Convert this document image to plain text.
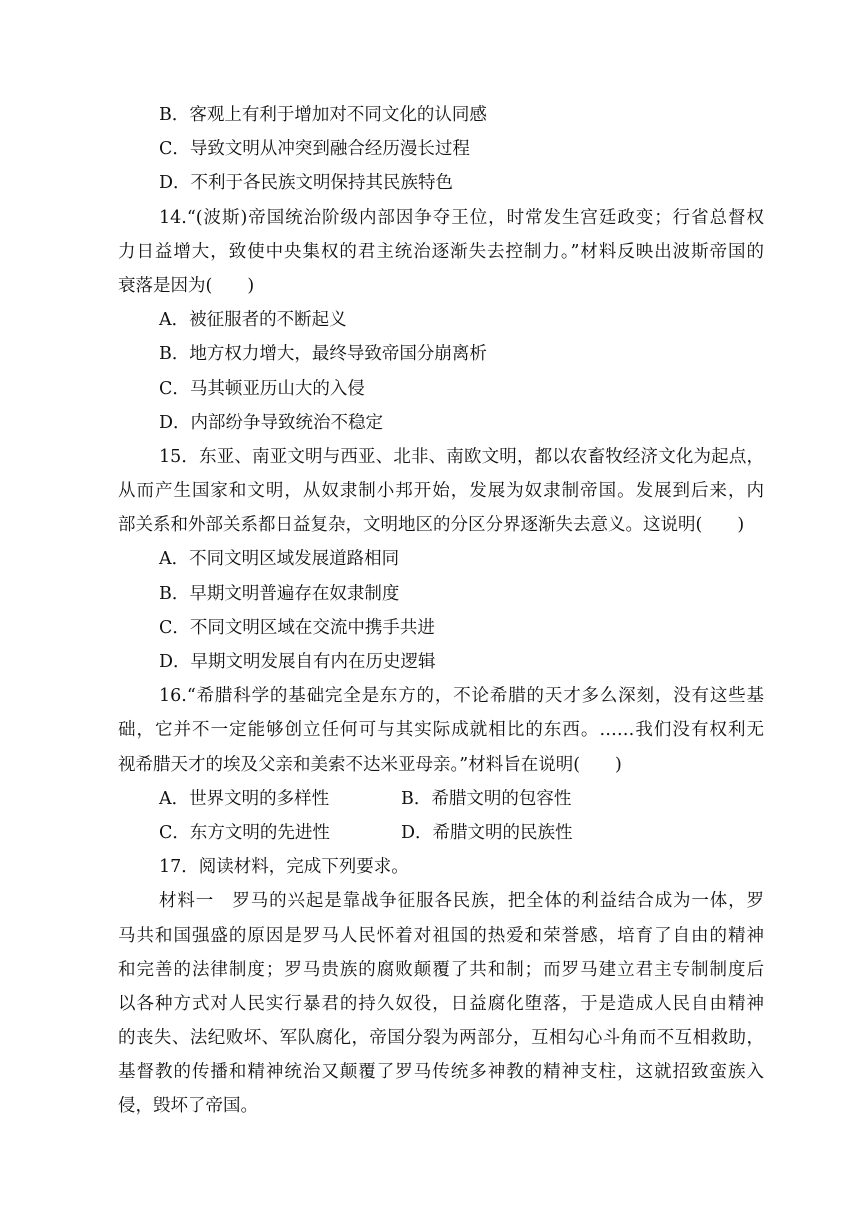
B．客观上有利于增加对不同文化的认同感
C．导致文明从冲突到融合经历漫长过程
D．不利于各民族文明保持其民族特色
14.“(波斯)帝国统治阶级内部因争夺王位，时常发生宫廷政变；行省总督权
力日益增大，致使中央集权的君主统治逐渐失去控制力。”材料反映出波斯帝国的
衰落是因为(　　)
A．被征服者的不断起义
B．地方权力增大，最终导致帝国分崩离析
C．马其顿亚历山大的入侵
D．内部纷争导致统治不稳定
15．东亚、南亚文明与西亚、北非、南欧文明，都以农畜牧经济文化为起点，
从而产生国家和文明，从奴隶制小邦开始，发展为奴隶制帝国。发展到后来，内
部关系和外部关系都日益复杂，文明地区的分区分界逐渐失去意义。这说明(　　)
A．不同文明区域发展道路相同
B．早期文明普遍存在奴隶制度
C．不同文明区域在交流中携手共进
D．早期文明发展自有内在历史逻辑
16.“希腊科学的基础完全是东方的，不论希腊的天才多么深刻，没有这些基
础，它并不一定能够创立任何可与其实际成就相比的东西。……我们没有权利无
视希腊天才的埃及父亲和美索不达米亚母亲。”材料旨在说明(　　)
A．世界文明的多样性	B．希腊文明的包容性
C．东方文明的先进性	D．希腊文明的民族性
17．阅读材料，完成下列要求。
材料一　罗马的兴起是靠战争征服各民族，把全体的利益结合成为一体，罗
马共和国强盛的原因是罗马人民怀着对祖国的热爱和荣誉感，培育了自由的精神
和完善的法律制度；罗马贵族的腐败颠覆了共和制；而罗马建立君主专制制度后
以各种方式对人民实行暴君的持久奴役，日益腐化堕落，于是造成人民自由精神
的丧失、法纪败坏、军队腐化，帝国分裂为两部分，互相勾心斗角而不互相救助，
基督教的传播和精神统治又颠覆了罗马传统多神教的精神支柱，这就招致蛮族入
侵，毁坏了帝国。
